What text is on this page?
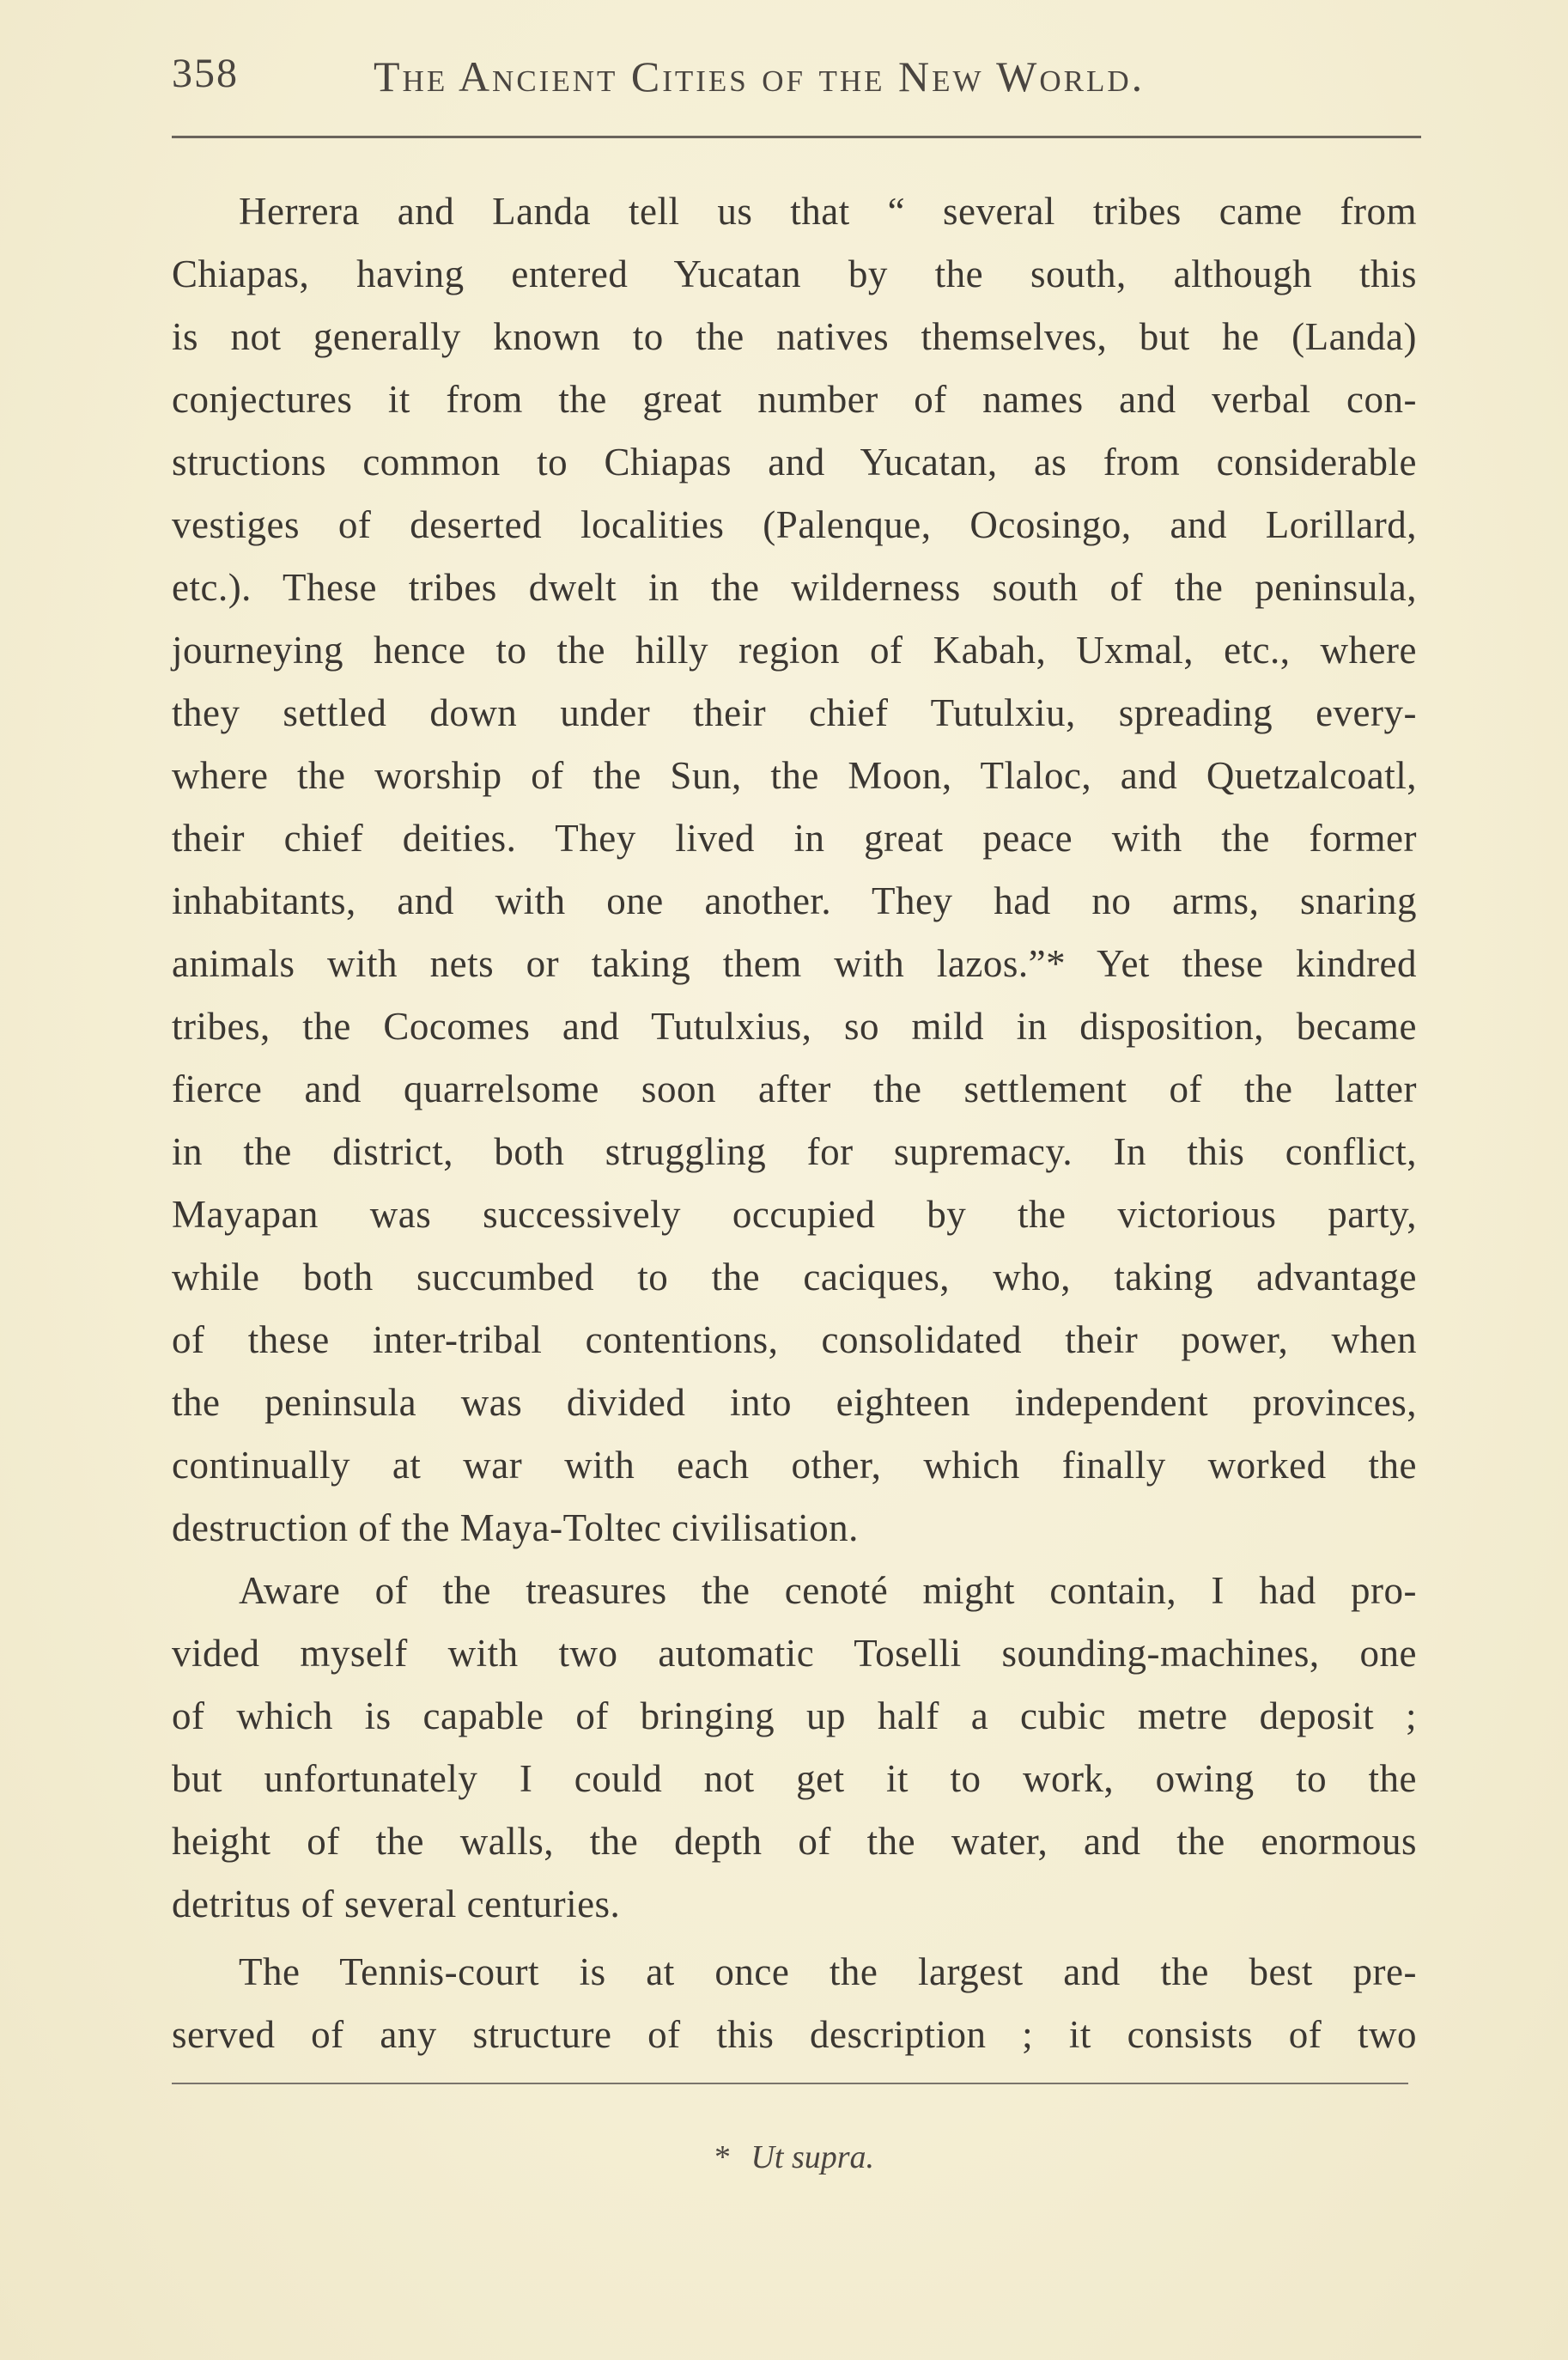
358	The Ancient Cities of the New World.
Herrera and Landa tell us that “ several tribes came from
Chiapas, having entered Yucatan by the south, although this
is not generally known to the natives themselves, but he (Landa)
conjectures it from the great number of names and verbal con-
structions common to Chiapas and Yucatan, as from considerable
vestiges of deserted localities (Palenque, Ocosingo, and Lorillard,
etc.). These tribes dwelt in the wilderness south of the peninsula,
journeying hence to the hilly region of Kabah, Uxmal, etc., where
they settled down under their chief Tutulxiu, spreading every-
where the worship of the Sun, the Moon, Tlaloc, and Quetzalcoatl,
their chief deities. They lived in great peace with the former
inhabitants, and with one another. They had no arms, snaring
animals with nets or taking them with lazos.”* Yet these kindred
tribes, the Cocomes and Tutulxius, so mild in disposition, became
fierce and quarrelsome soon after the settlement of the latter
in the district, both struggling for supremacy. In this conflict,
Mayapan was successively occupied by the victorious party,
while both succumbed to the caciques, who, taking advantage
of these inter-tribal contentions, consolidated their power, when
the peninsula was divided into eighteen independent provinces,
continually at war with each other, which finally worked the
destruction of the Maya-Toltec civilisation.
Aware of the treasures the cenoté might contain, I had pro-
vided myself with two automatic Toselli sounding-machines, one
of which is capable of bringing up half a cubic metre deposit ;
but unfortunately I could not get it to work, owing to the
height of the walls, the depth of the water, and the enormous
detritus of several centuries.
The Tennis-court is at once the largest and the best pre-
served of any structure of this description ; it consists of two
* Ut supra.
